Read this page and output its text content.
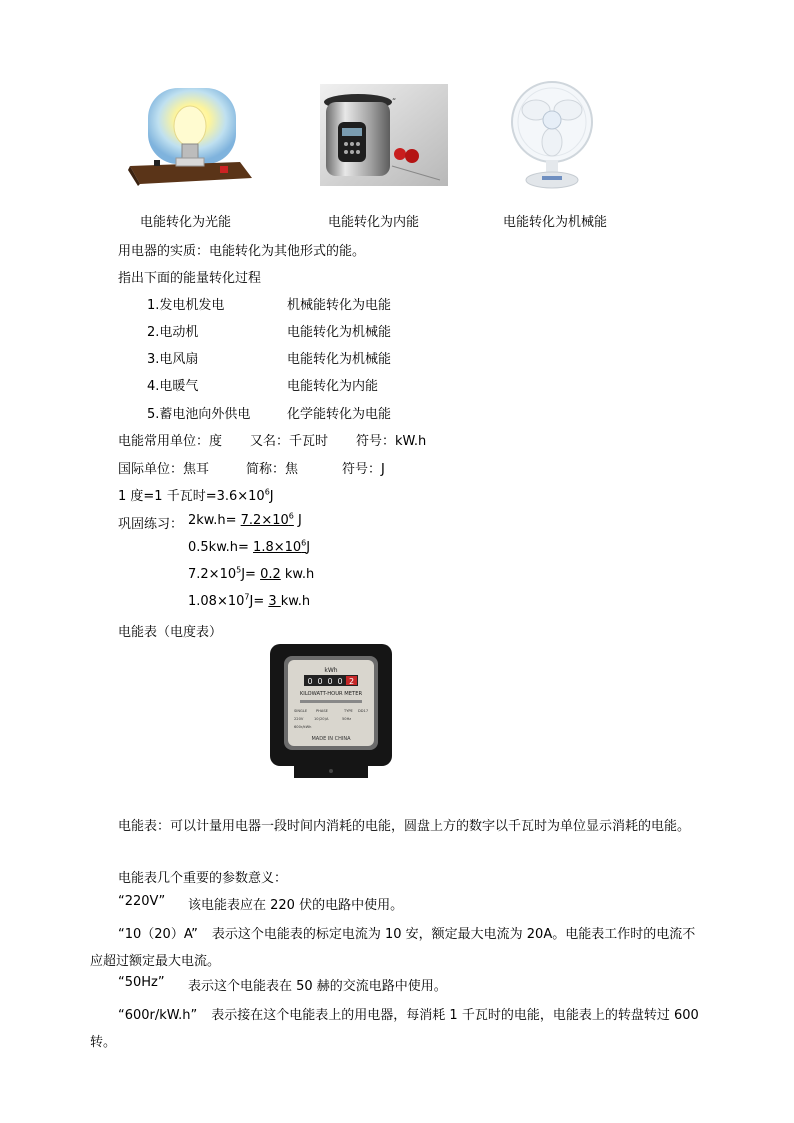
“
电能转化为光能	电能转化为内能	电能转化为机械能
用电器的实质：电能转化为其他形式的能。
指出下面的能量转化过程
1.发电机发电	机械能转化为电能
2.电动机	电能转化为机械能
3.电风扇	电能转化为机械能
4.电暖气	电能转化为内能
5.蓄电池向外供电	化学能转化为电能
电能常用单位：度 又名：千瓦时 符号：kW.h
国际单位：焦耳	简称：焦	符号：J
1 度=1 千瓦时$=3.6\times 10^6J$
巩固练习： $2kw.h= 7.2\times 10^6$ J
$0.5kw.h= 1.8\times 10^6J$
$7.2\times 10^5J= 0.2$ kw.h
$1.08\times 10^7J= 3$ kw.h
电能表（电度表）
kWh
0 0 0 0 2
KILOWATT-HOUR METER
SINGLE PHASE	TYPE DD17
220V	10(20)A	50Hz
600r/kWh
MADE IN CHINA
电能表：可以计量用电器一段时间内消耗的电能，圆盘上方的数字以千瓦时为单位显示消耗的电能。
电能表几个重要的参数意义：
“220V” 该电能表应在 220 伏的电路中使用。
“10（20）A” 表示这个电能表的标定电流为 10 安，额定最大电流为 20A。电能表工作时的电流不应超过额定最大电流。
“50Hz” 表示这个电能表在 50 赫的交流电路中使用。
“600r/kW.h” 表示接在这个电能表上的用电器，每消耗 1 千瓦时的电能，电能表上的转盘转过 600 转。
